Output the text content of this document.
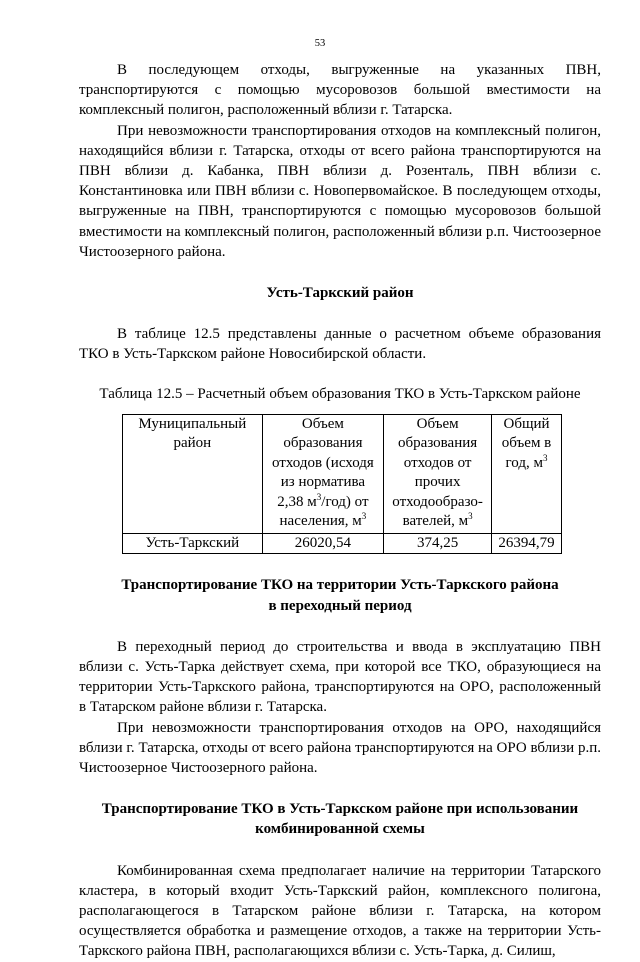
53

В последующем отходы, выгруженные на указанных ПВН, транспортируются с помощью мусоровозов большой вместимости на комплексный полигон, расположенный вблизи г. Татарска.

При невозможности транспортирования отходов на комплексный полигон, находящийся вблизи г. Татарска, отходы от всего района транспортируются на ПВН вблизи д. Кабанка, ПВН вблизи д. Розенталь, ПВН вблизи с. Константиновка или ПВН вблизи с. Новопервомайское. В последующем отходы, выгруженные на ПВН, транспортируются с помощью мусоровозов большой вместимости на комплексный полигон, расположенный вблизи р.п. Чистоозерное Чистоозерного района.

Усть-Таркский район

В таблице 12.5 представлены данные о расчетном объеме образования ТКО в Усть-Таркском районе Новосибирской области.

Таблица 12.5 – Расчетный объем образования ТКО в Усть-Таркском районе
Муниципальный район	Объем образования отходов (исходя из норматива 2,38 $м^3/год$) от населения, $м^3$	Объем образования отходов от прочих отходообразо-вателей, $м^3$	Общий объем в год, $м^3$
Усть-Таркский	26020,54	374,25	26394,79
Транспортирование ТКО на территории Усть-Таркского района
в переходный период

В переходный период до строительства и ввода в эксплуатацию ПВН вблизи с. Усть-Тарка действует схема, при которой все ТКО, образующиеся на территории Усть-Таркского района, транспортируются на ОРО, расположенный в Татарском районе вблизи г. Татарска.

При невозможности транспортирования отходов на ОРО, находящийся вблизи г. Татарска, отходы от всего района транспортируются на ОРО вблизи р.п. Чистоозерное Чистоозерного района.

Транспортирование ТКО в Усть-Таркском районе при использовании
комбинированной схемы

Комбинированная схема предполагает наличие на территории Татарского кластера, в который входит Усть-Таркский район, комплексного полигона, располагающегося в Татарском районе вблизи г. Татарска, на котором осуществляется обработка и размещение отходов, а также на территории Усть-Таркского района ПВН, располагающихся вблизи с. Усть-Тарка, д. Силиш,
